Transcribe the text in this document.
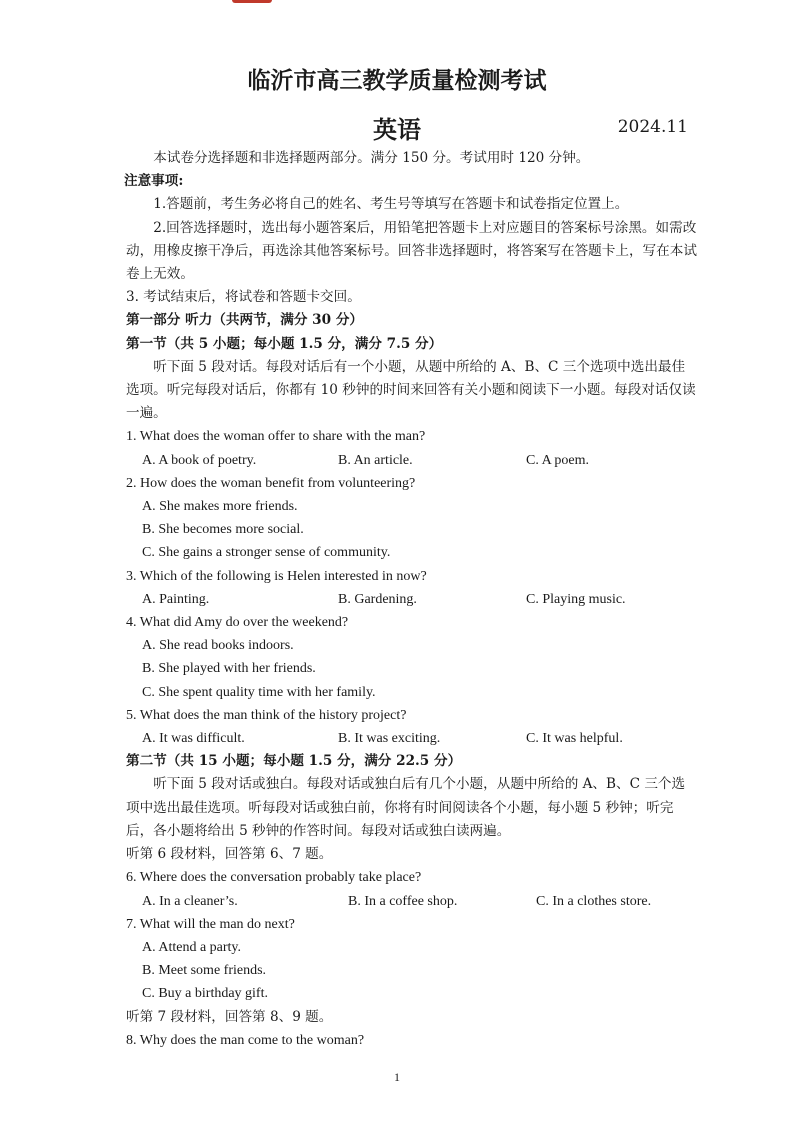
临沂市高三教学质量检测考试
英语	2024.11

本试卷分选择题和非选择题两部分。满分 150 分。考试用时 120 分钟。

注意事项:

1.答题前，考生务必将自己的姓名、考生号等填写在答题卡和试卷指定位置上。

2.回答选择题时，选出每小题答案后，用铅笔把答题卡上对应题目的答案标号涂黑。如需改动，用橡皮擦干净后，再选涂其他答案标号。回答非选择题时，将答案写在答题卡上，写在本试卷上无效。

3. 考试结束后，将试卷和答题卡交回。

第一部分 听力（共两节，满分 30 分）

第一节（共 5 小题；每小题 1.5 分，满分 7.5 分）

听下面 5 段对话。每段对话后有一个小题，从题中所给的 A、B、C 三个选项中选出最佳选项。听完每段对话后，你都有 10 秒钟的时间来回答有关小题和阅读下一小题。每段对话仅读一遍。

1. What does the woman offer to share with the man?

A. A book of poetry.	B. An article.	C. A poem.

2. How does the woman benefit from volunteering?

A. She makes more friends.

B. She becomes more social.

C. She gains a stronger sense of community.

3. Which of the following is Helen interested in now?

A. Painting.	B. Gardening.	C. Playing music.

4. What did Amy do over the weekend?

A. She read books indoors.

B. She played with her friends.

C. She spent quality time with her family.

5. What does the man think of the history project?

A. It was difficult.	B. It was exciting.	C. It was helpful.

第二节（共 15 小题；每小题 1.5 分，满分 22.5 分）

听下面 5 段对话或独白。每段对话或独白后有几个小题，从题中所给的 A、B、C 三个选项中选出最佳选项。听每段对话或独白前，你将有时间阅读各个小题，每小题 5 秒钟；听完后，各小题将给出 5 秒钟的作答时间。每段对话或独白读两遍。

听第 6 段材料，回答第 6、7 题。

6. Where does the conversation probably take place?

A. In a cleaner’s.	B. In a coffee shop.	C. In a clothes store.

7. What will the man do next?

A. Attend a party.

B. Meet some friends.

C. Buy a birthday gift.

听第 7 段材料，回答第 8、9 题。

8. Why does the man come to the woman?

1
